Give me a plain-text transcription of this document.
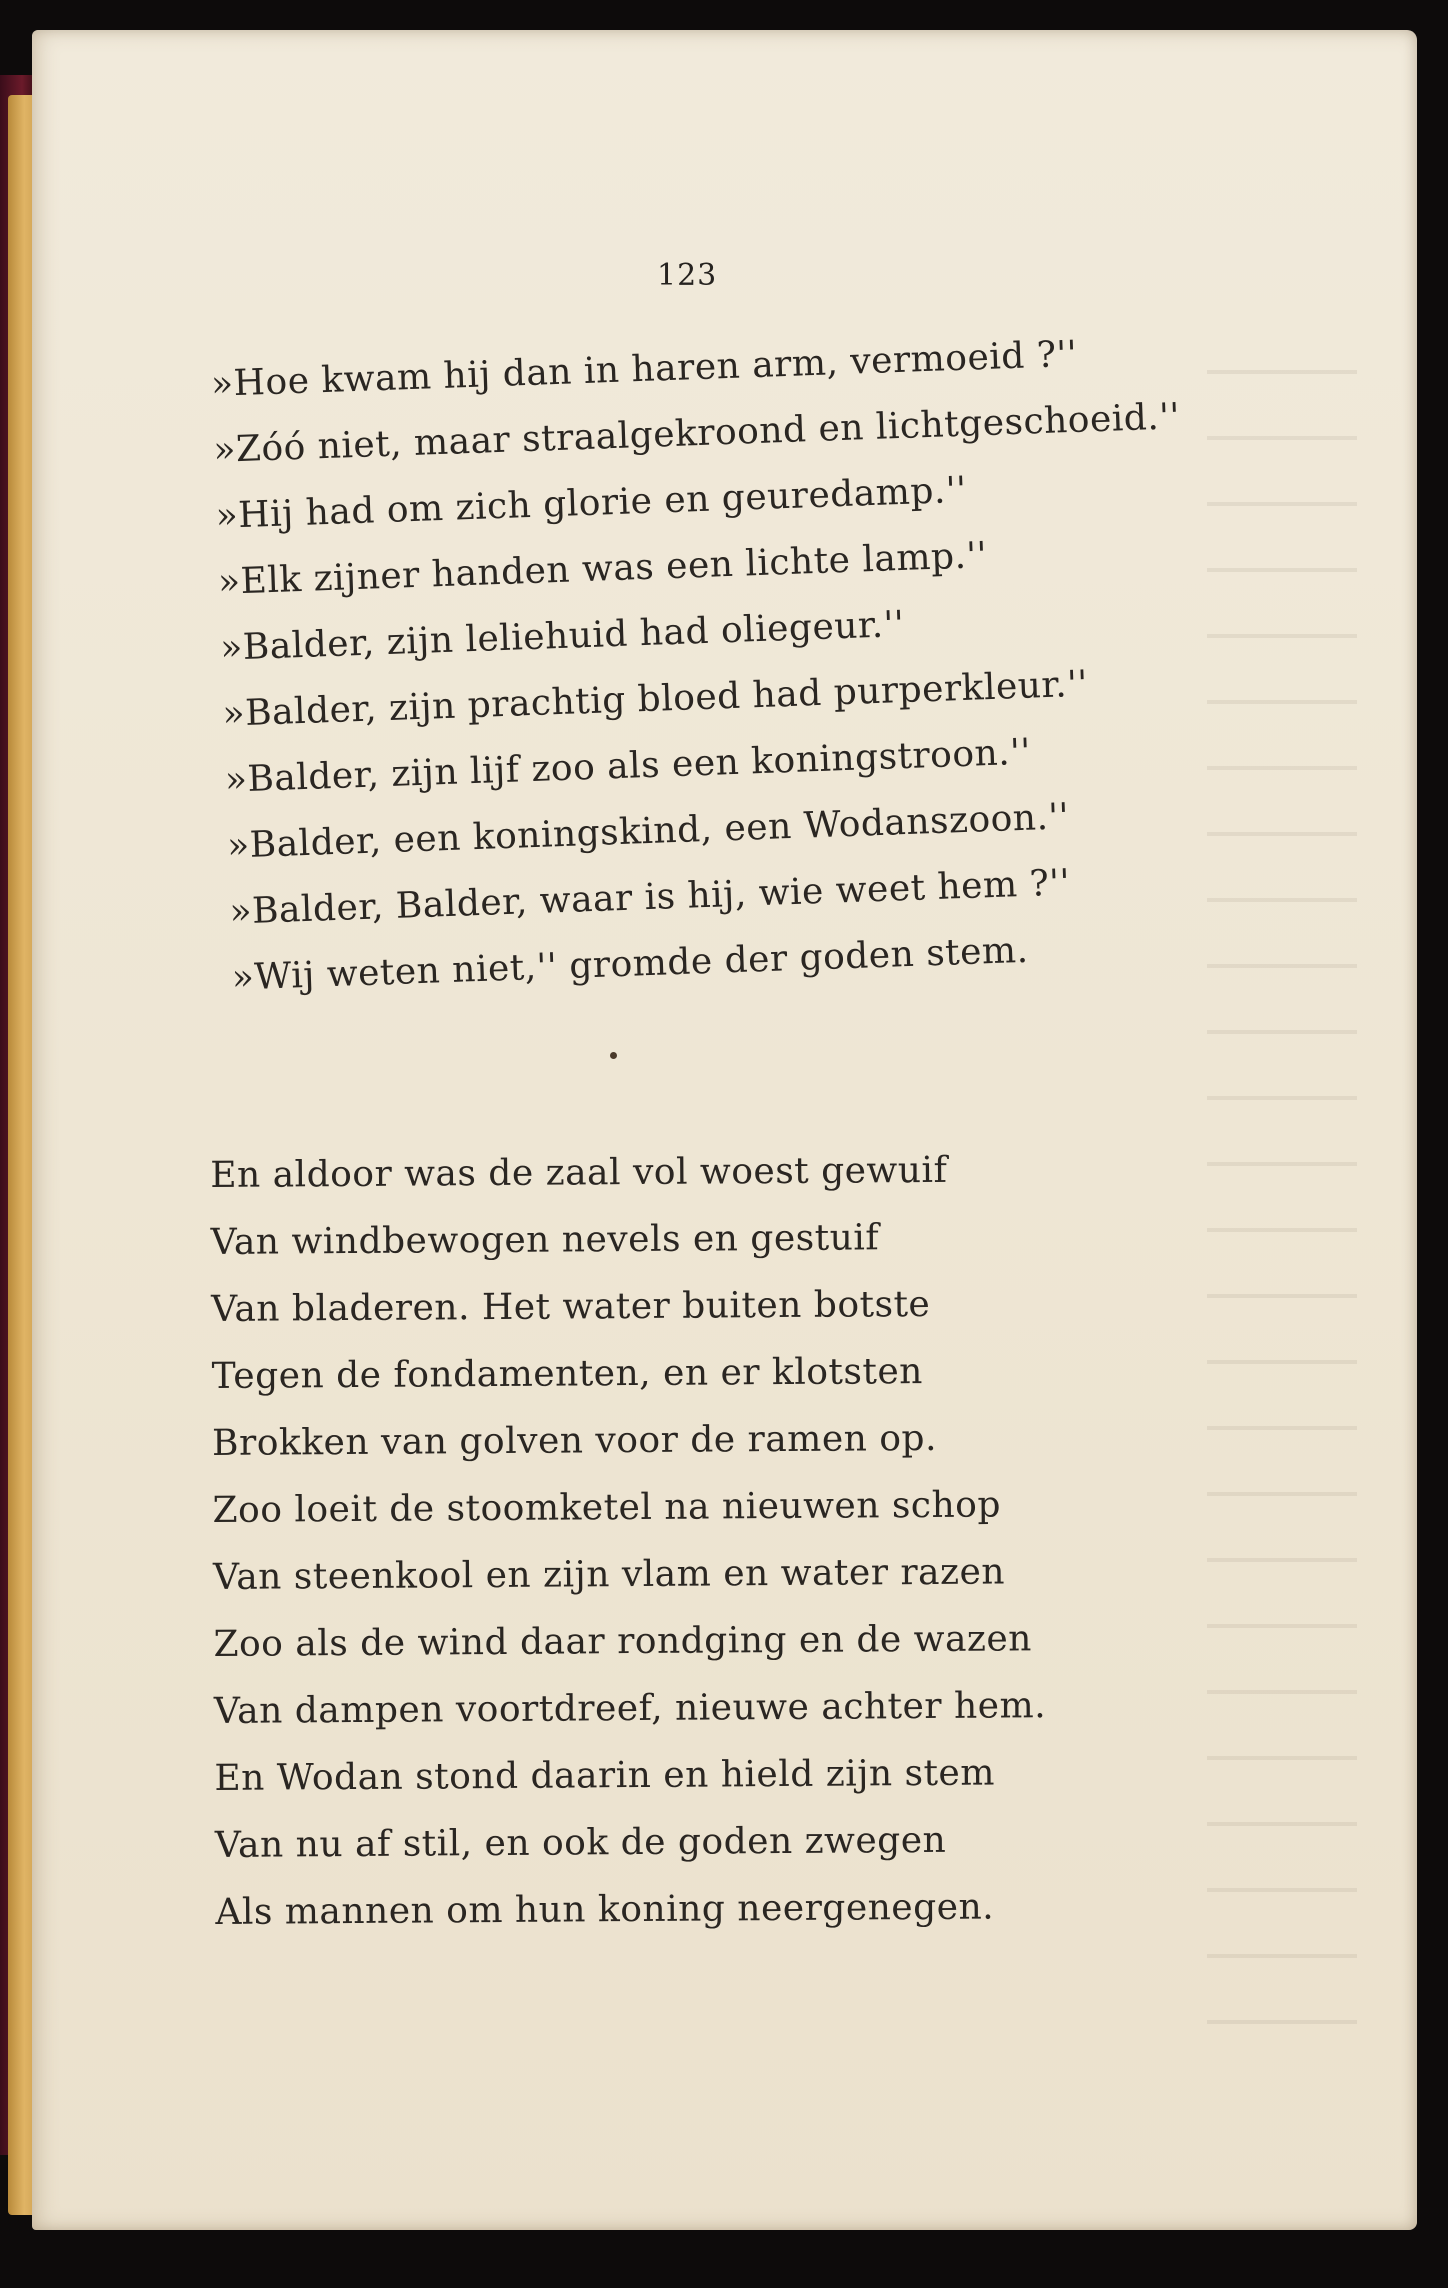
123
»Hoe kwam hij dan in haren arm, vermoeid ?''
»Zóó niet, maar straalgekroond en lichtgeschoeid.''
»Hij had om zich glorie en geuredamp.''
»Elk zijner handen was een lichte lamp.''
»Balder, zijn leliehuid had oliegeur.''
»Balder, zijn prachtig bloed had purperkleur.''
»Balder, zijn lijf zoo als een koningstroon.''
»Balder, een koningskind, een Wodanszoon.''
»Balder, Balder, waar is hij, wie weet hem ?''
»Wij weten niet,'' gromde der goden stem.
En aldoor was de zaal vol woest gewuif
Van windbewogen nevels en gestuif
Van bladeren. Het water buiten botste
Tegen de fondamenten, en er klotsten
Brokken van golven voor de ramen op.
Zoo loeit de stoomketel na nieuwen schop
Van steenkool en zijn vlam en water razen
Zoo als de wind daar rondging en de wazen
Van dampen voortdreef, nieuwe achter hem.
En Wodan stond daarin en hield zijn stem
Van nu af stil, en ook de goden zwegen
Als mannen om hun koning neergenegen.
